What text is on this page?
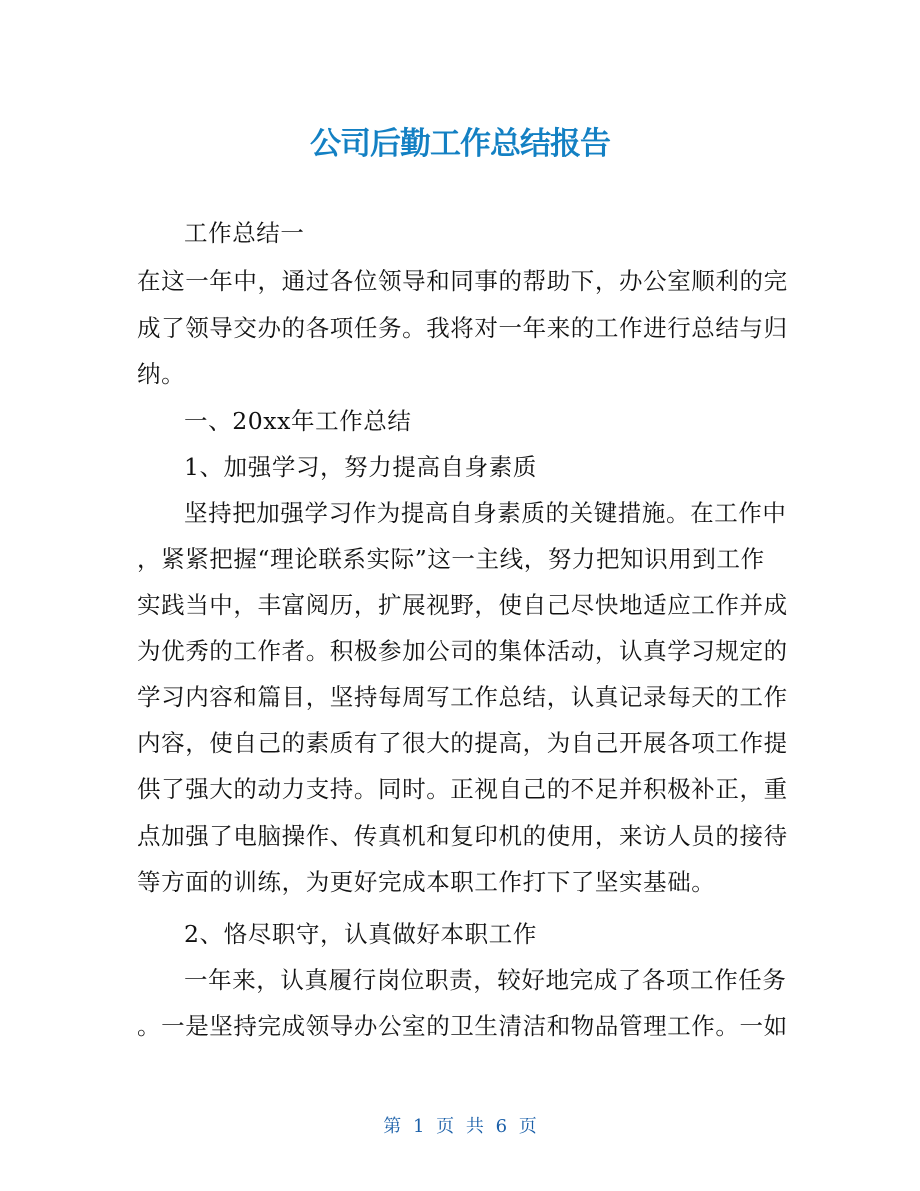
公司后勤工作总结报告
工作总结一
在这一年中，通过各位领导和同事的帮助下，办公室顺利的完
成了领导交办的各项任务。我将对一年来的工作进行总结与归
纳。
一、20xx年工作总结
1、加强学习，努力提高自身素质
坚持把加强学习作为提高自身素质的关键措施。在工作中
，紧紧把握“理论联系实际”这一主线，努力把知识用到工作
实践当中，丰富阅历，扩展视野，使自己尽快地适应工作并成
为优秀的工作者。积极参加公司的集体活动，认真学习规定的
学习内容和篇目，坚持每周写工作总结，认真记录每天的工作
内容，使自己的素质有了很大的提高，为自己开展各项工作提
供了强大的动力支持。同时。正视自己的不足并积极补正，重
点加强了电脑操作、传真机和复印机的使用，来访人员的接待
等方面的训练，为更好完成本职工作打下了坚实基础。
2、恪尽职守，认真做好本职工作
一年来，认真履行岗位职责，较好地完成了各项工作任务
。一是坚持完成领导办公室的卫生清洁和物品管理工作。一如
第 1 页 共 6 页
